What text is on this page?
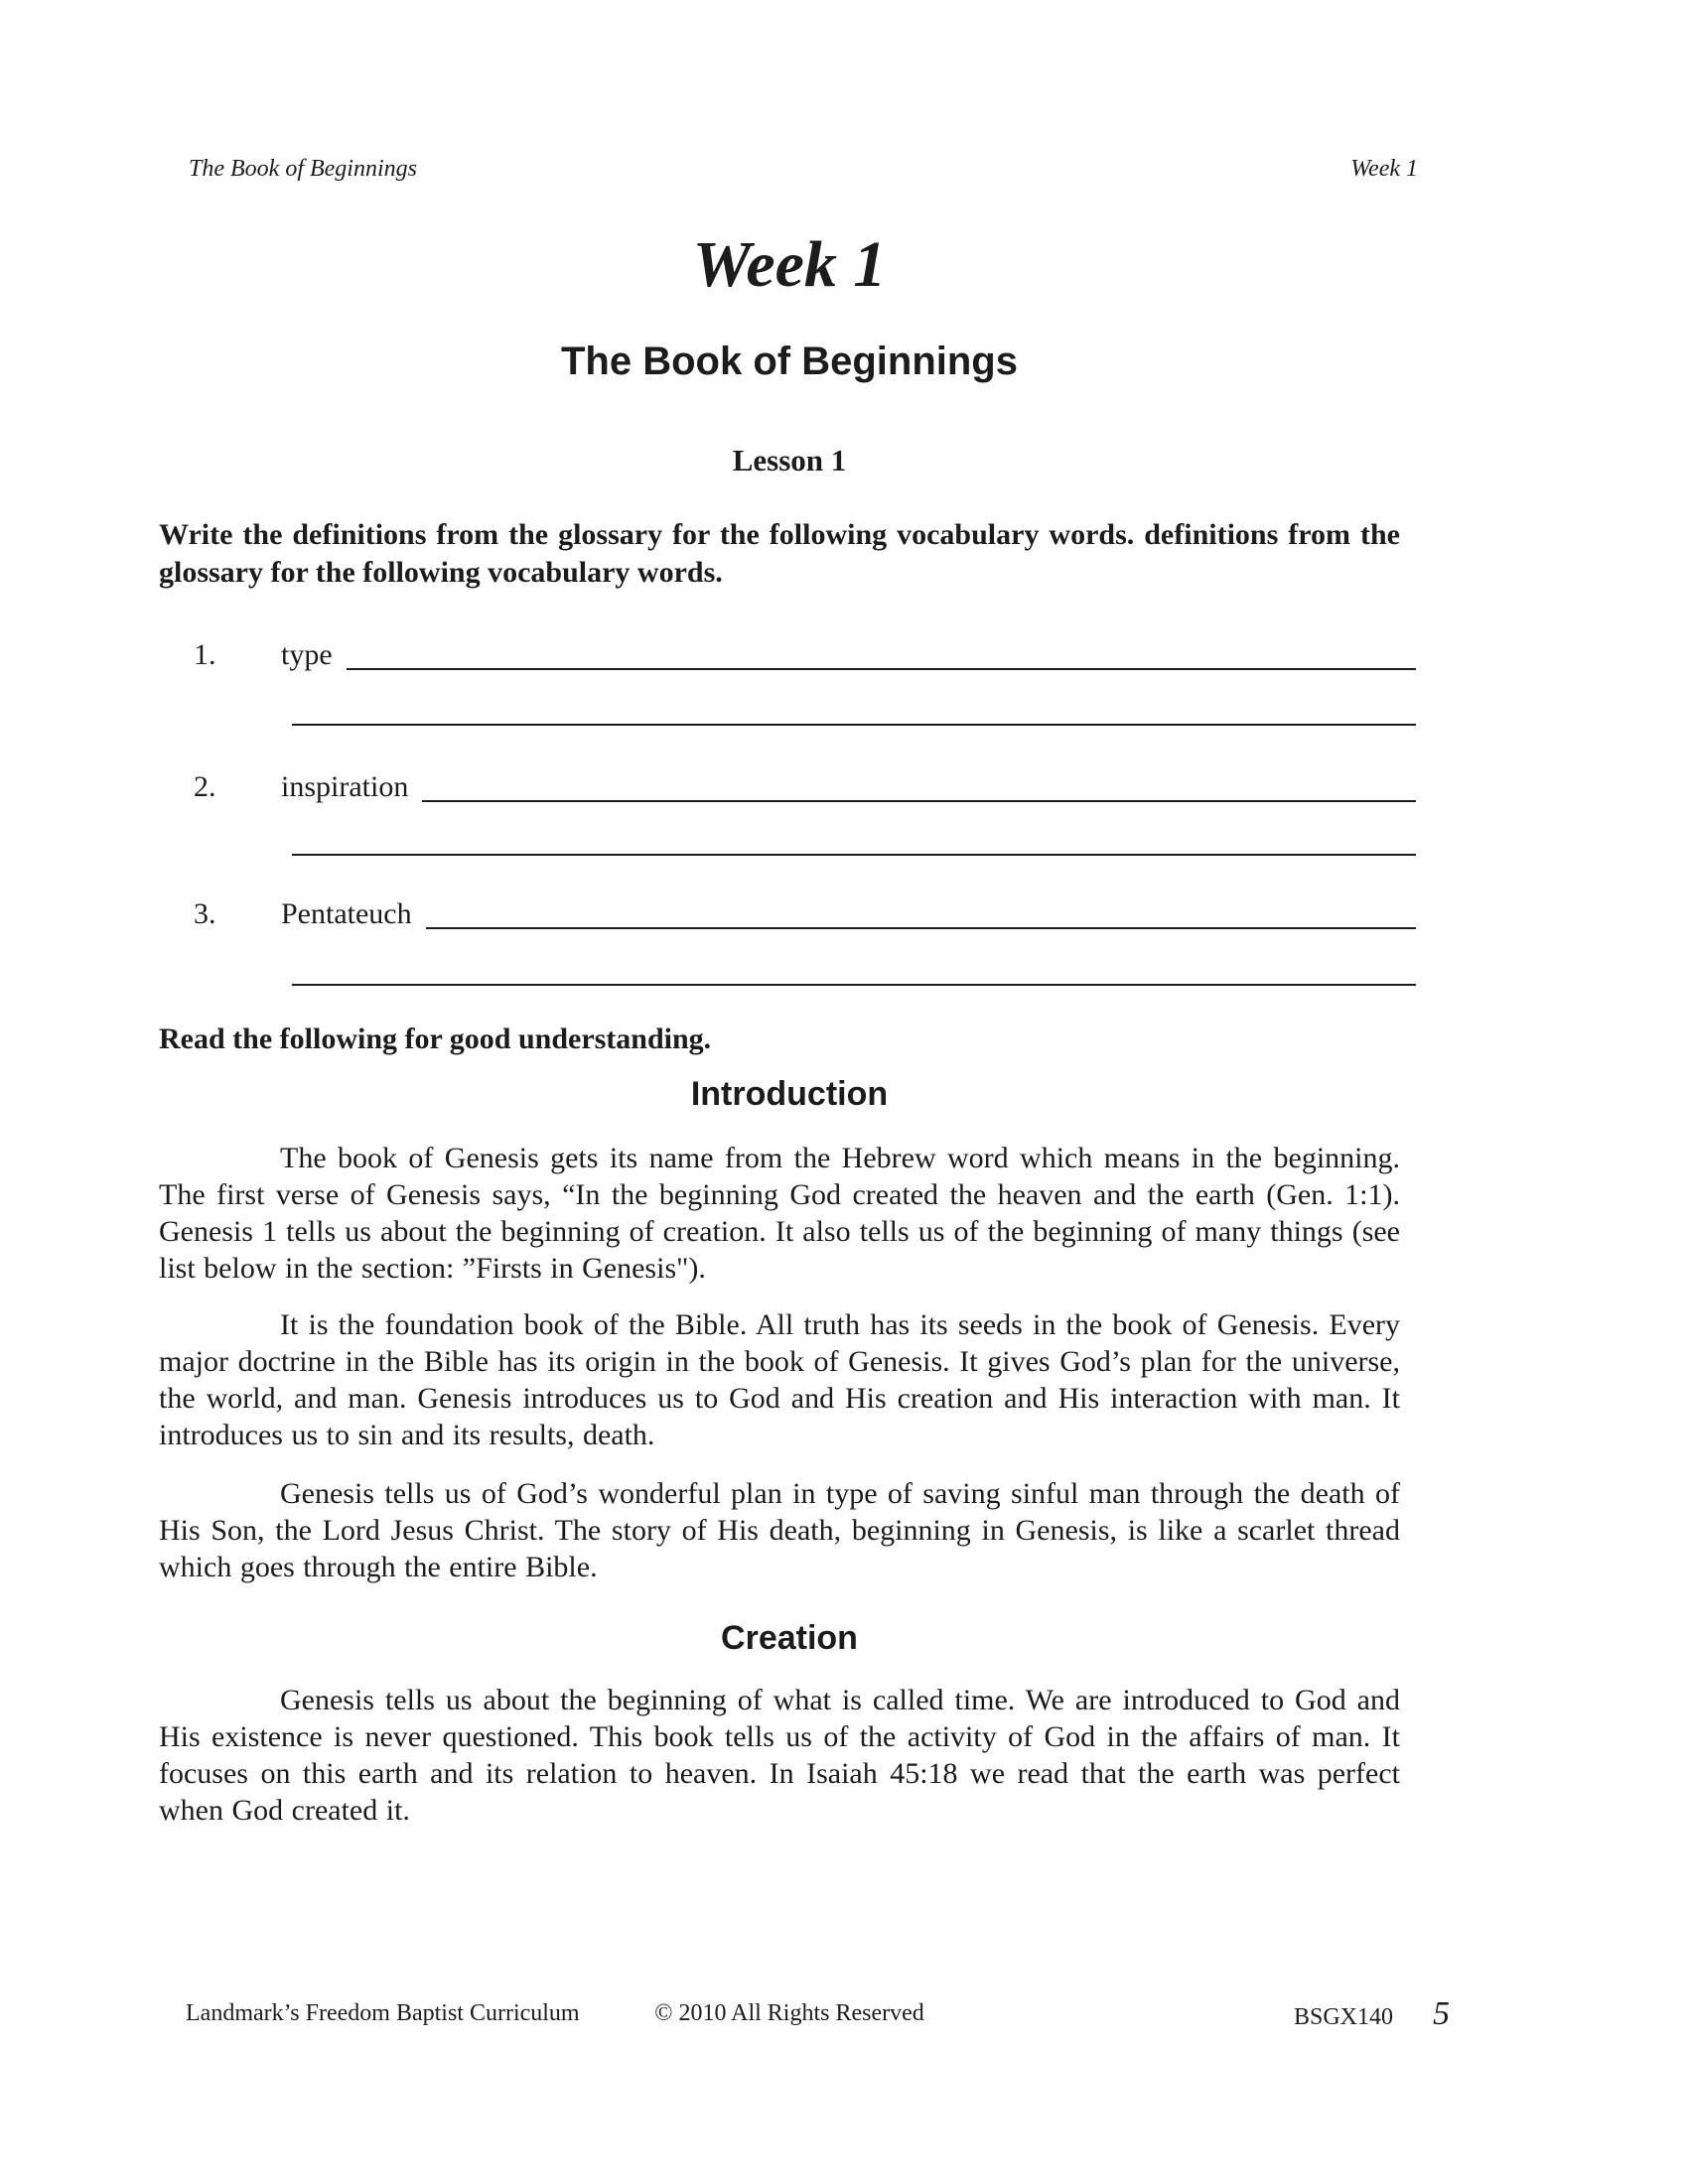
The Book of Beginnings	Week 1
Week 1
The Book of Beginnings
Lesson 1
Write the definitions from the glossary for the following vocabulary words. definitions from the glossary for the following vocabulary words.
1.	type
2.	inspiration
3.	Pentateuch
Read the following for good understanding.
Introduction
The book of Genesis gets its name from the Hebrew word which means in the beginning. The first verse of Genesis says, “In the beginning God created the heaven and the earth (Gen. 1:1). Genesis 1 tells us about the beginning of creation. It also tells us of the beginning of many things (see list below in the section: ”Firsts in Genesis").
It is the foundation book of the Bible. All truth has its seeds in the book of Genesis. Every major doctrine in the Bible has its origin in the book of Genesis. It gives God’s plan for the universe, the world, and man. Genesis introduces us to God and His creation and His interaction with man. It introduces us to sin and its results, death.
Genesis tells us of God’s wonderful plan in type of saving sinful man through the death of His Son, the Lord Jesus Christ. The story of His death, beginning in Genesis, is like a scarlet thread which goes through the entire Bible.
Creation
Genesis tells us about the beginning of what is called time. We are introduced to God and His existence is never questioned. This book tells us of the activity of God in the affairs of man. It focuses on this earth and its relation to heaven. In Isaiah 45:18 we read that the earth was perfect when God created it.
Landmark’s Freedom Baptist Curriculum	© 2010 All Rights Reserved	BSGX140 5
